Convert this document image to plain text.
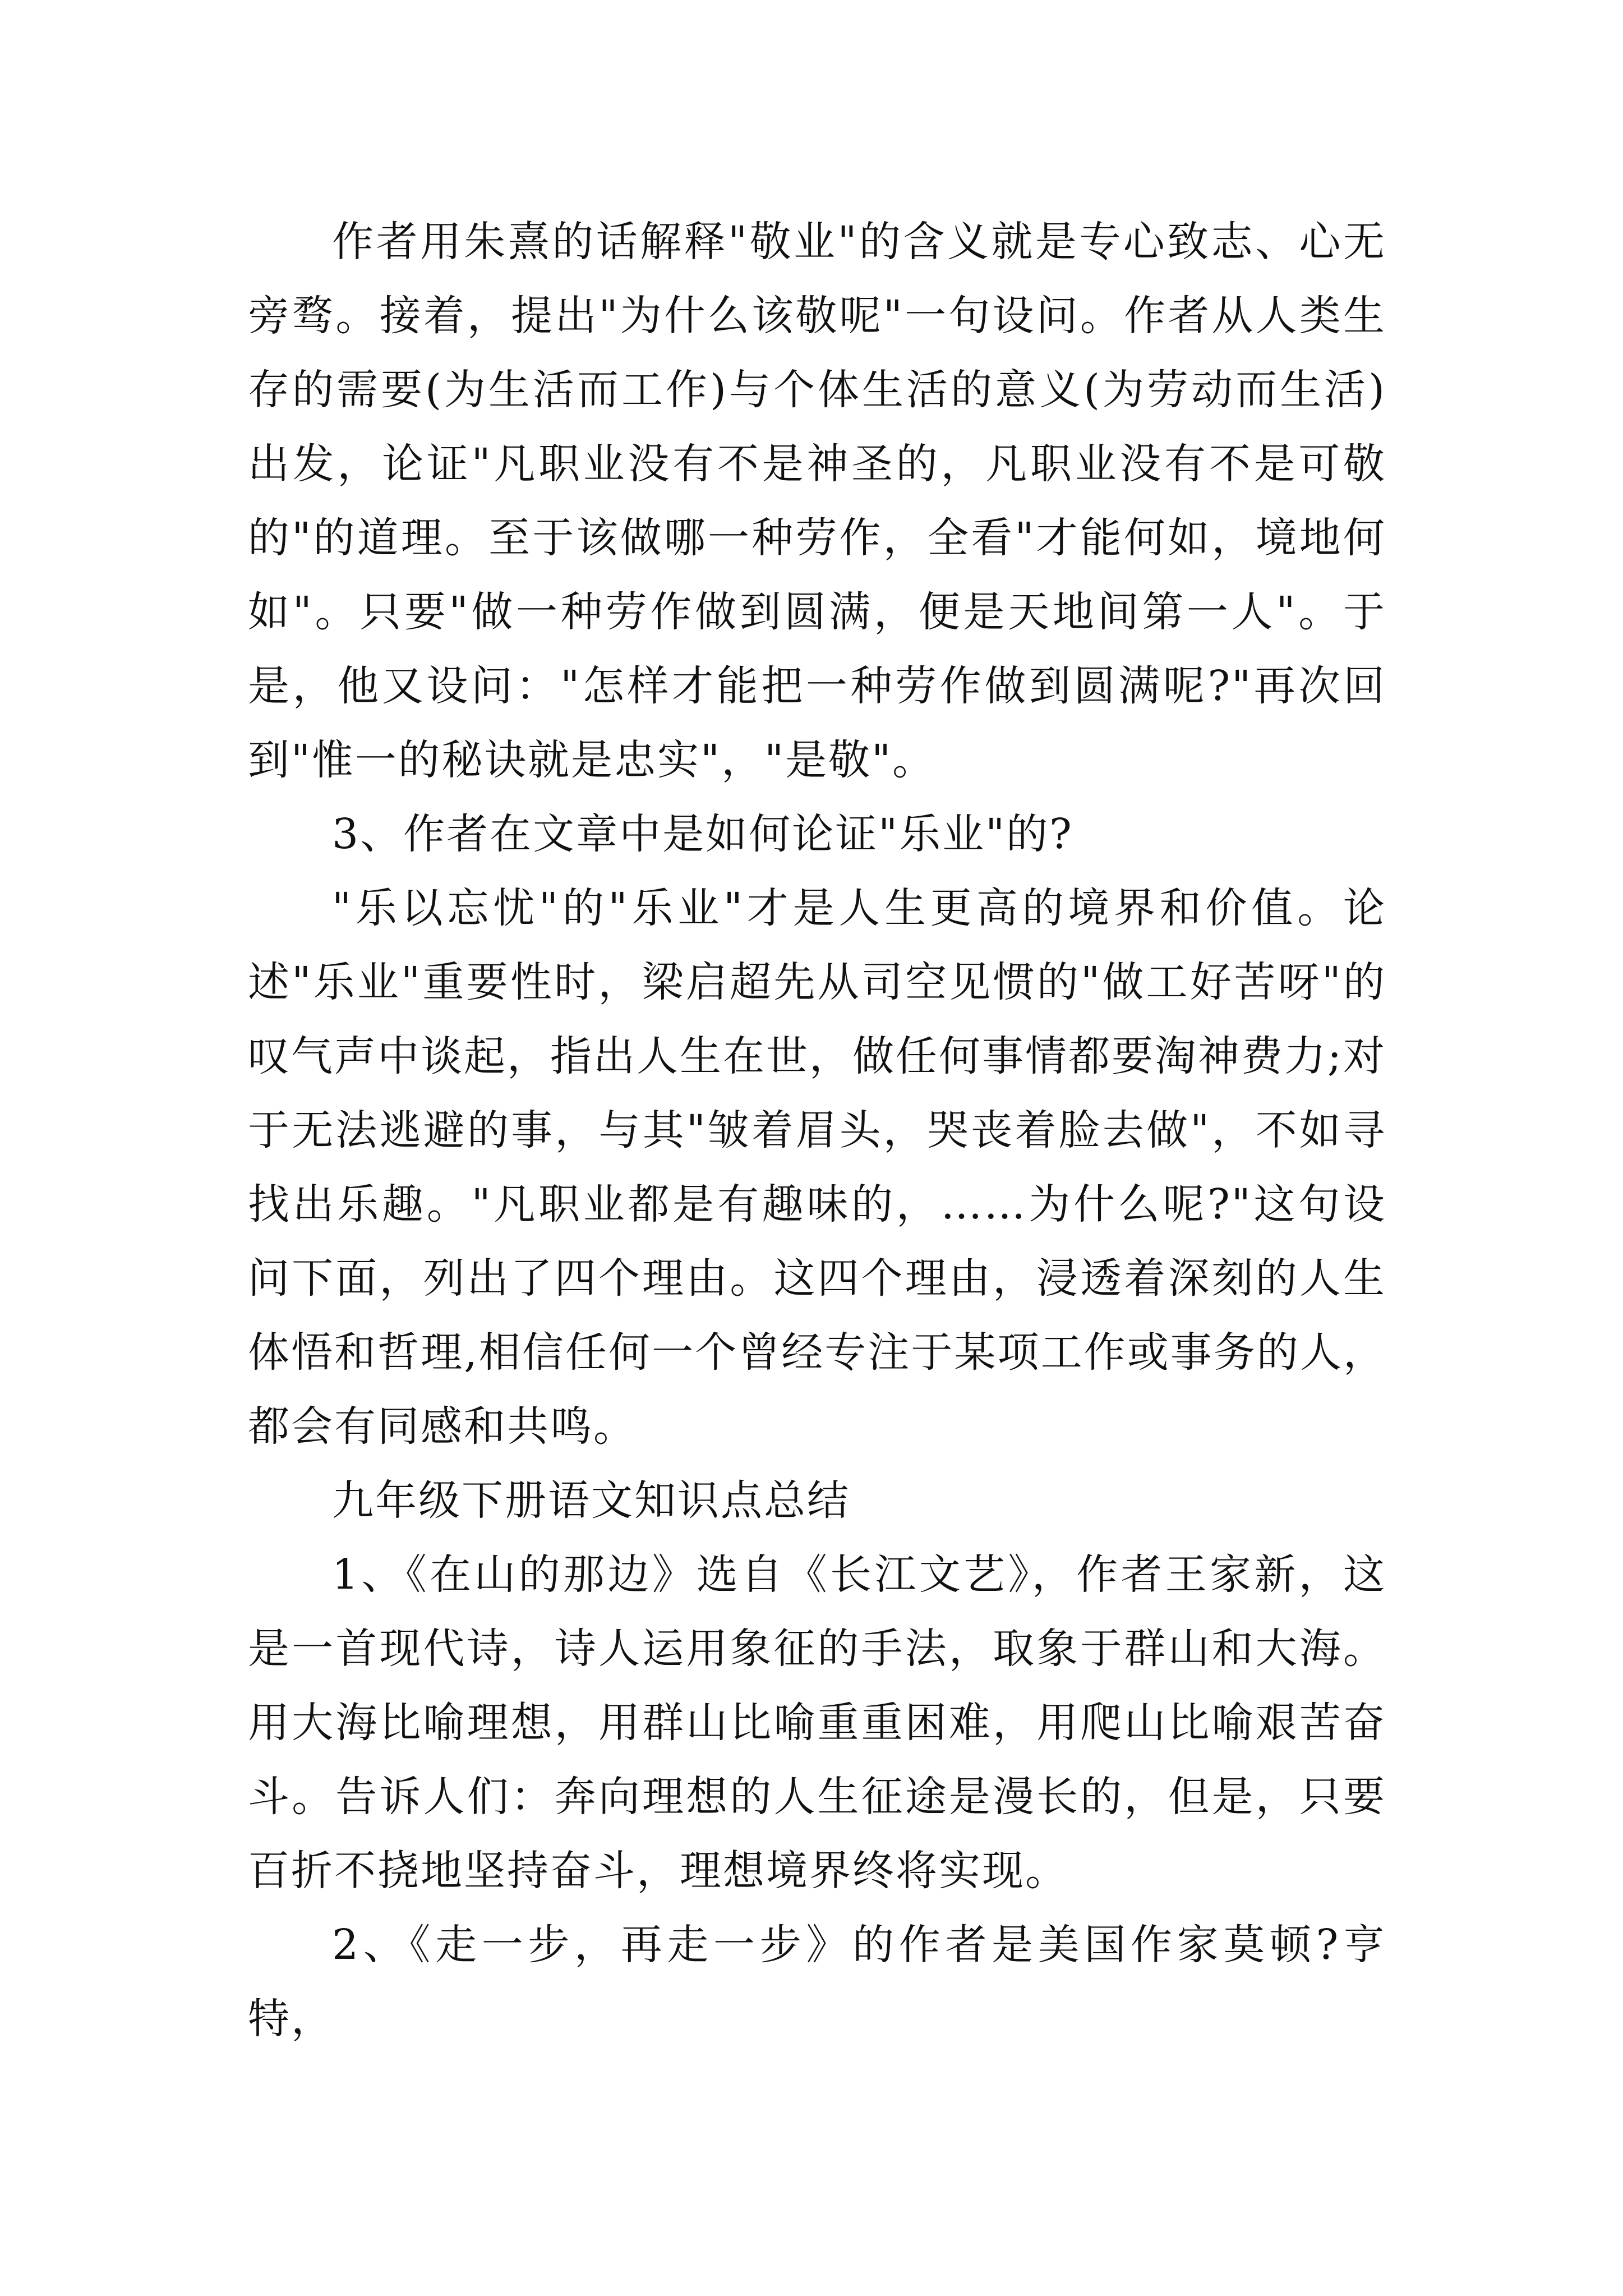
作者用朱熹的话解释"敬业"的含义就是专心致志、心无旁骛。接着，提出"为什么该敬呢"一句设问。作者从人类生存的需要(为生活而工作)与个体生活的意义(为劳动而生活)出发，论证"凡职业没有不是神圣的，凡职业没有不是可敬的"的道理。至于该做哪一种劳作，全看"才能何如，境地何如"。只要"做一种劳作做到圆满，便是天地间第一人"。于是，他又设问："怎样才能把一种劳作做到圆满呢?"再次回到"惟一的秘诀就是忠实"，"是敬"。

3、作者在文章中是如何论证"乐业"的?

"乐以忘忧"的"乐业"才是人生更高的境界和价值。论述"乐业"重要性时，梁启超先从司空见惯的"做工好苦呀"的叹气声中谈起，指出人生在世，做任何事情都要淘神费力;对于无法逃避的事，与其"皱着眉头，哭丧着脸去做"，不如寻找出乐趣。"凡职业都是有趣味的，……为什么呢?"这句设问下面，列出了四个理由。这四个理由，浸透着深刻的人生体悟和哲理,相信任何一个曾经专注于某项工作或事务的人，都会有同感和共鸣。

九年级下册语文知识点总结

1、《在山的那边》选自《长江文艺》，作者王家新，这是一首现代诗，诗人运用象征的手法，取象于群山和大海。用大海比喻理想，用群山比喻重重困难，用爬山比喻艰苦奋斗。告诉人们：奔向理想的人生征途是漫长的，但是，只要百折不挠地坚持奋斗，理想境界终将实现。

2、《走一步，再走一步》的作者是美国作家莫顿?亨特，
